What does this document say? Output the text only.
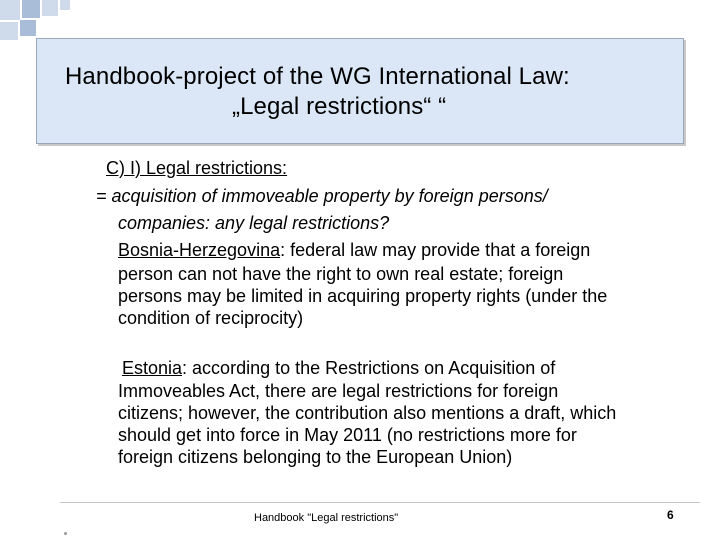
Handbook-project of the WG International Law:
„Legal restrictions“ “
C) I) Legal restrictions:
= acquisition of immoveable property by foreign persons/
companies: any legal restrictions?
Bosnia-Herzegovina: federal law may provide that a foreign
person can not have the right to own real estate; foreign
persons may be limited in acquiring property rights (under the
condition of reciprocity)
Estonia: according to the Restrictions on Acquisition of
Immoveables Act, there are legal restrictions for foreign
citizens; however, the contribution also mentions a draft, which
should get into force in May 2011 (no restrictions more for
foreign citizens belonging to the European Union)
Handbook "Legal restrictions"	6
